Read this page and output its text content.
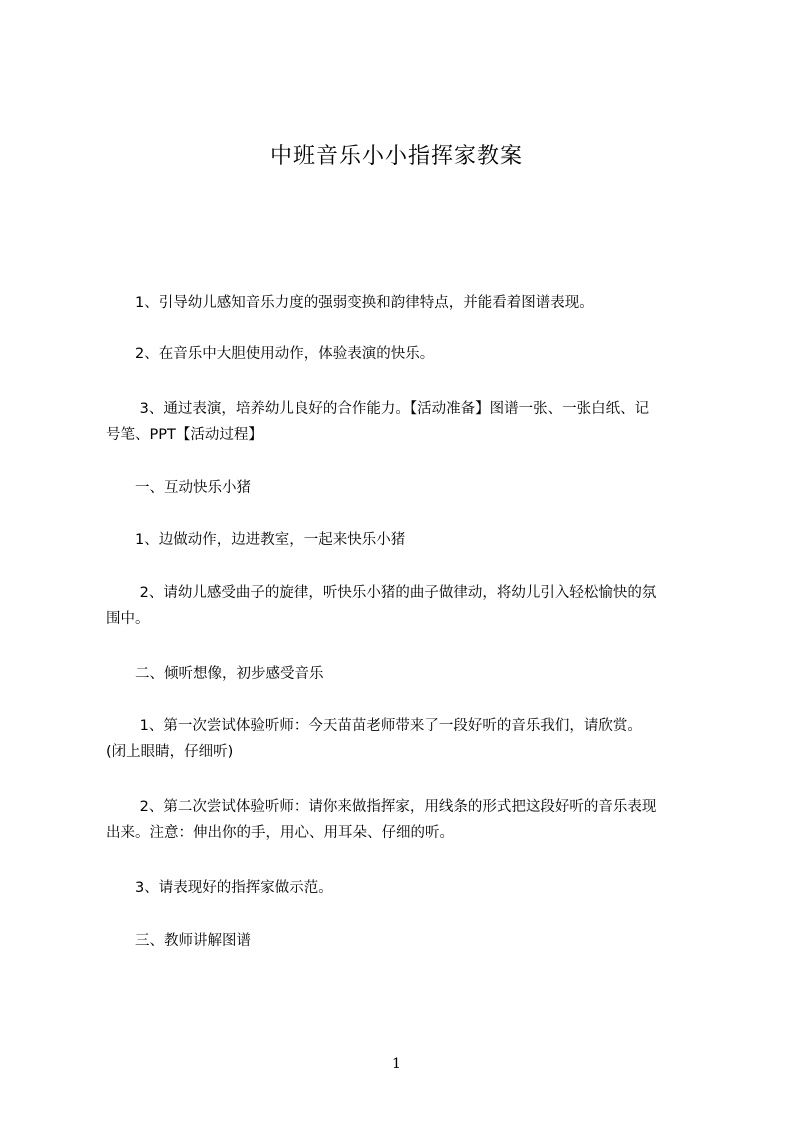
中班音乐小小指挥家教案

　　1、引导幼儿感知音乐力度的强弱变换和韵律特点，并能看着图谱表现。

　　2、在音乐中大胆使用动作，体验表演的快乐。

　　 3、通过表演，培养幼儿良好的合作能力。【活动准备】图谱一张、一张白纸、记
号笔、PPT【活动过程】

　　一、互动快乐小猪

　　1、边做动作，边进教室，一起来快乐小猪

　　 2、请幼儿感受曲子的旋律，听快乐小猪的曲子做律动，将幼儿引入轻松愉快的氛
围中。

　　二、倾听想像，初步感受音乐

　　 1、第一次尝试体验听师：今天苗苗老师带来了一段好听的音乐我们，请欣赏。
(闭上眼睛，仔细听)

　　 2、第二次尝试体验听师：请你来做指挥家，用线条的形式把这段好听的音乐表现
出来。注意：伸出你的手，用心、用耳朵、仔细的听。

　　3、请表现好的指挥家做示范。

　　三、教师讲解图谱

1
